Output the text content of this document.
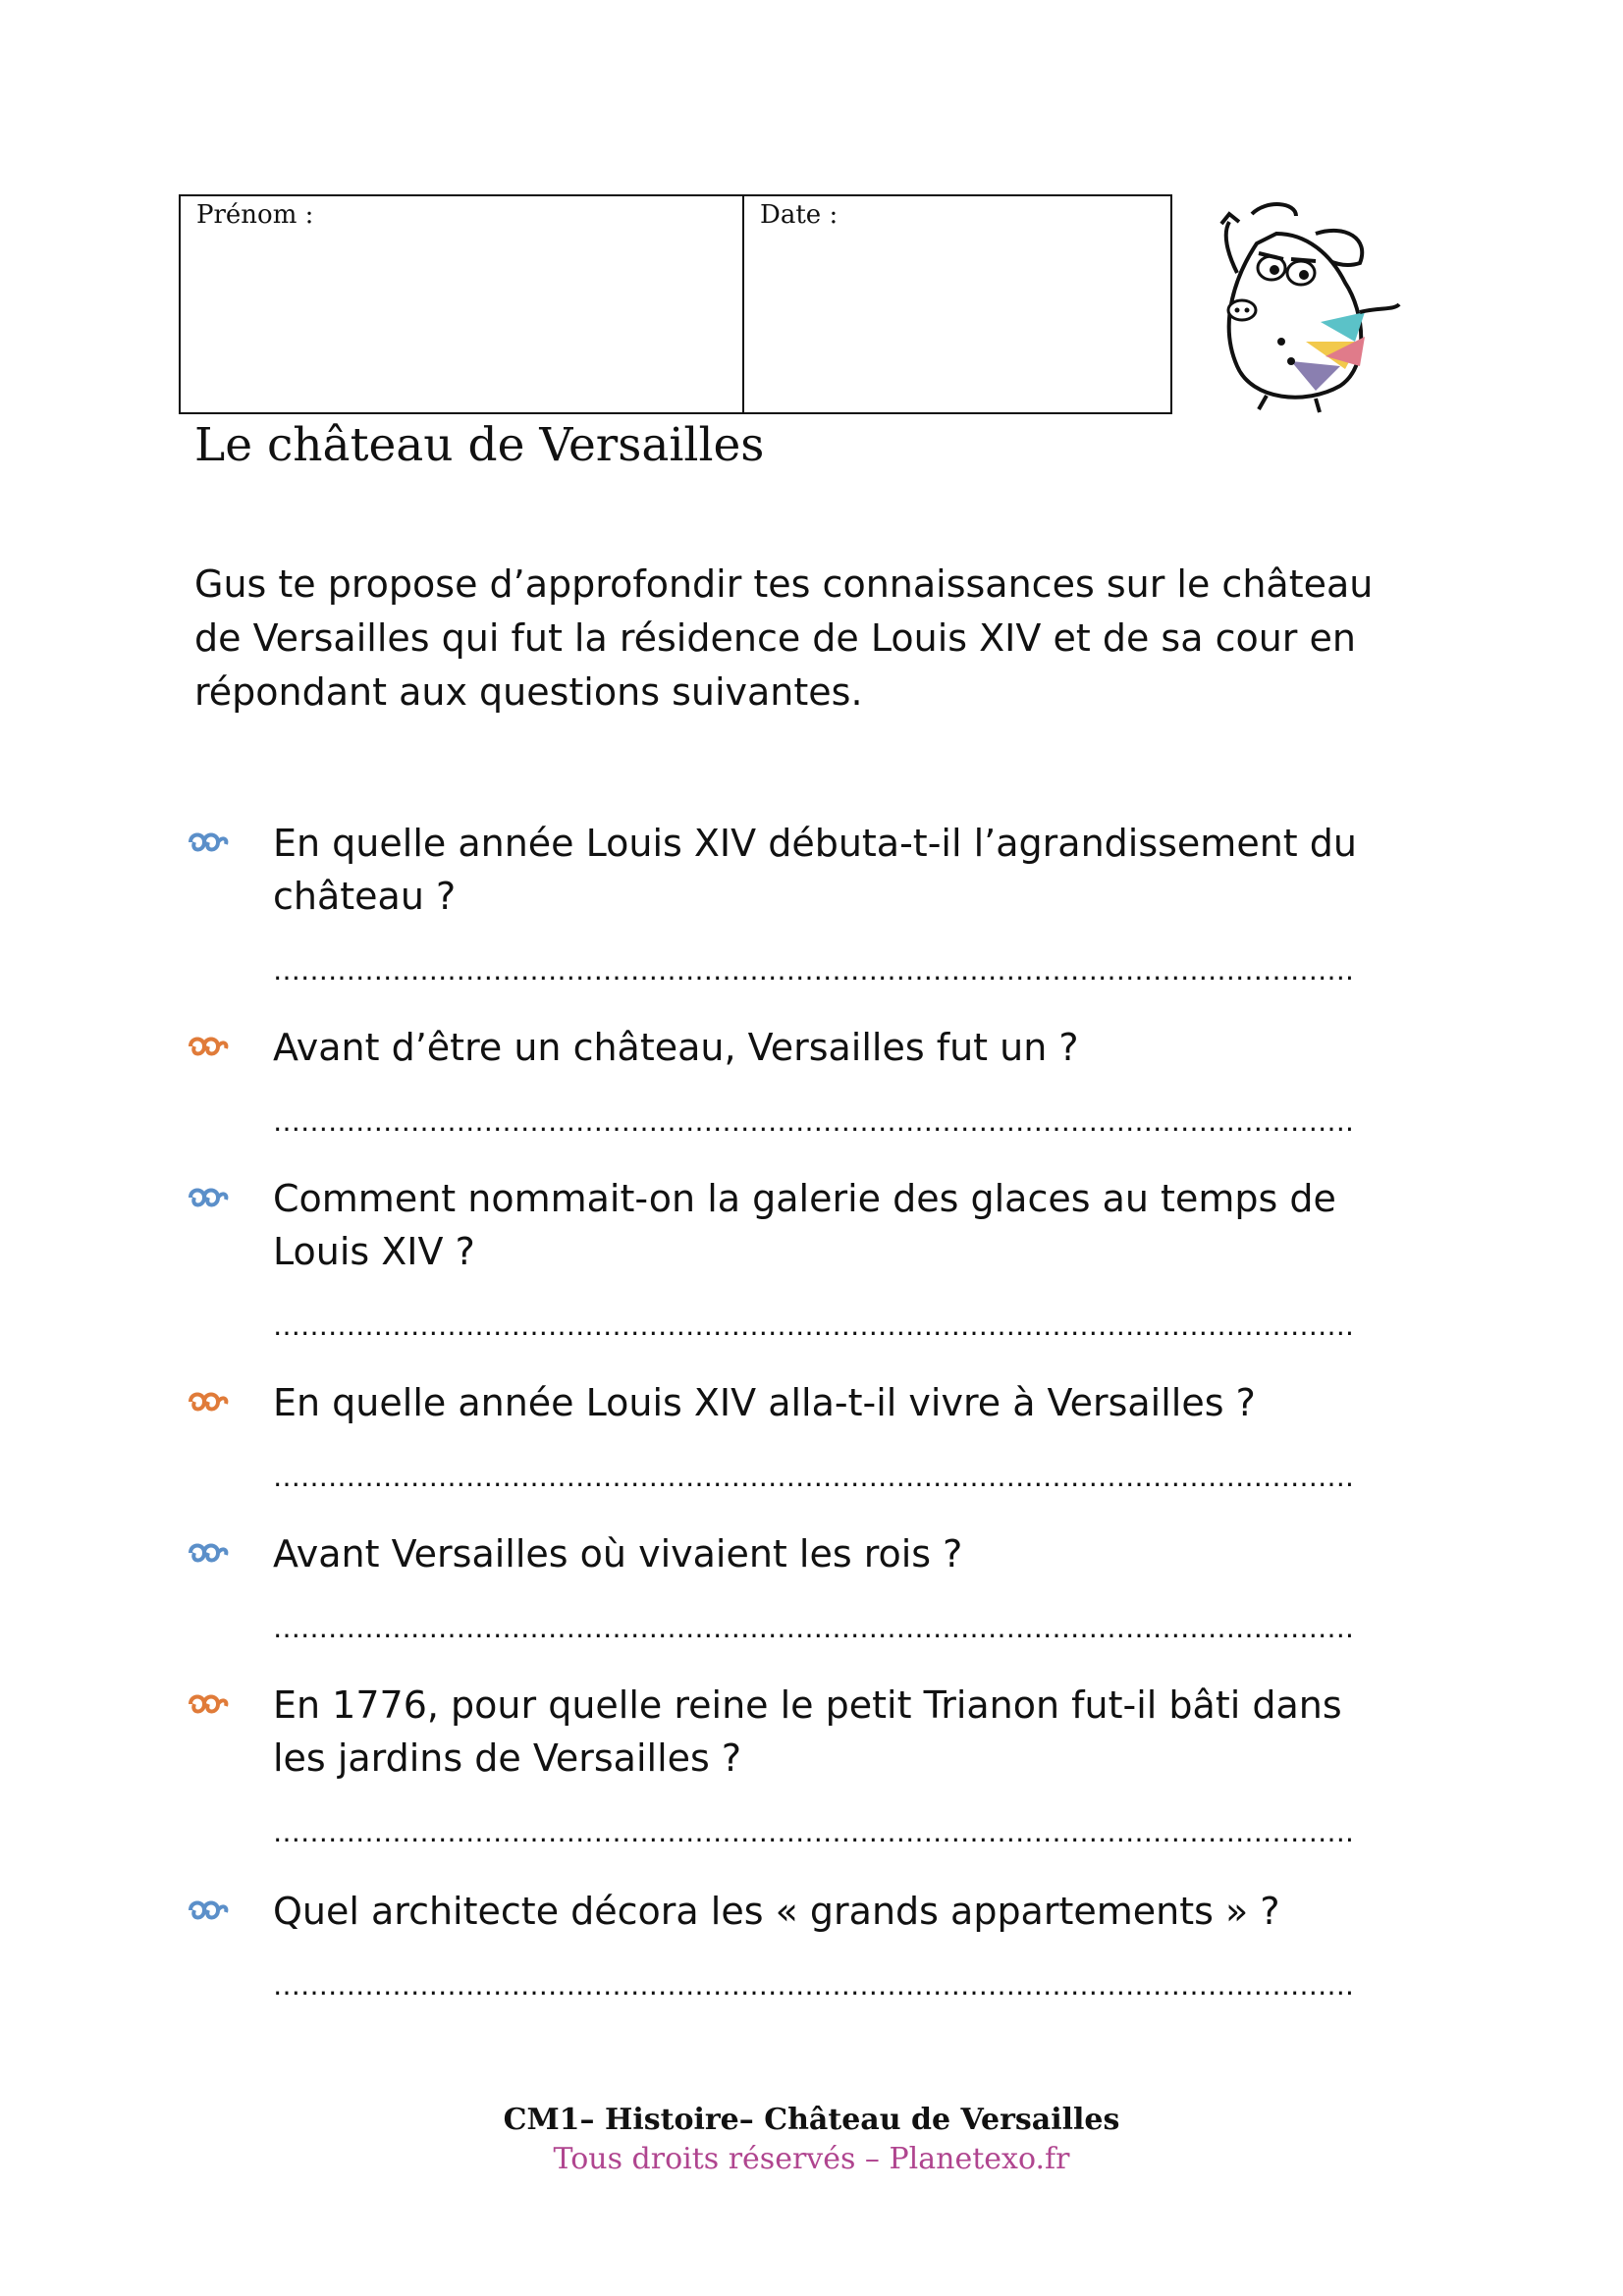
Prénom :	Date :
Le château de Versailles

Gus te propose d’approfondir tes connaissances sur le château de Versailles qui fut la résidence de Louis XIV et de sa cour en répondant aux questions suivantes.

En quelle année Louis XIV débuta-t-il l’agrandissement du château ?
……………………………………………………………………………………………………….
Avant d’être un château, Versailles fut un ?
……………………………………………………………………………………………………….
Comment nommait-on la galerie des glaces au temps de Louis XIV ?
……………………………………………………………………………………………………….
En quelle année Louis XIV alla-t-il vivre à Versailles ?
……………………………………………………………………………………………………….
Avant Versailles où vivaient les rois ?
……………………………………………………………………………………………………….
En 1776, pour quelle reine le petit Trianon fut-il bâti dans les jardins de Versailles ?
……………………………………………………………………………………………………….
Quel architecte décora les « grands appartements » ?
……………………………………………………………………………………………………….

CM1– Histoire– Château de Versailles

Tous droits réservés – Planetexo.fr
